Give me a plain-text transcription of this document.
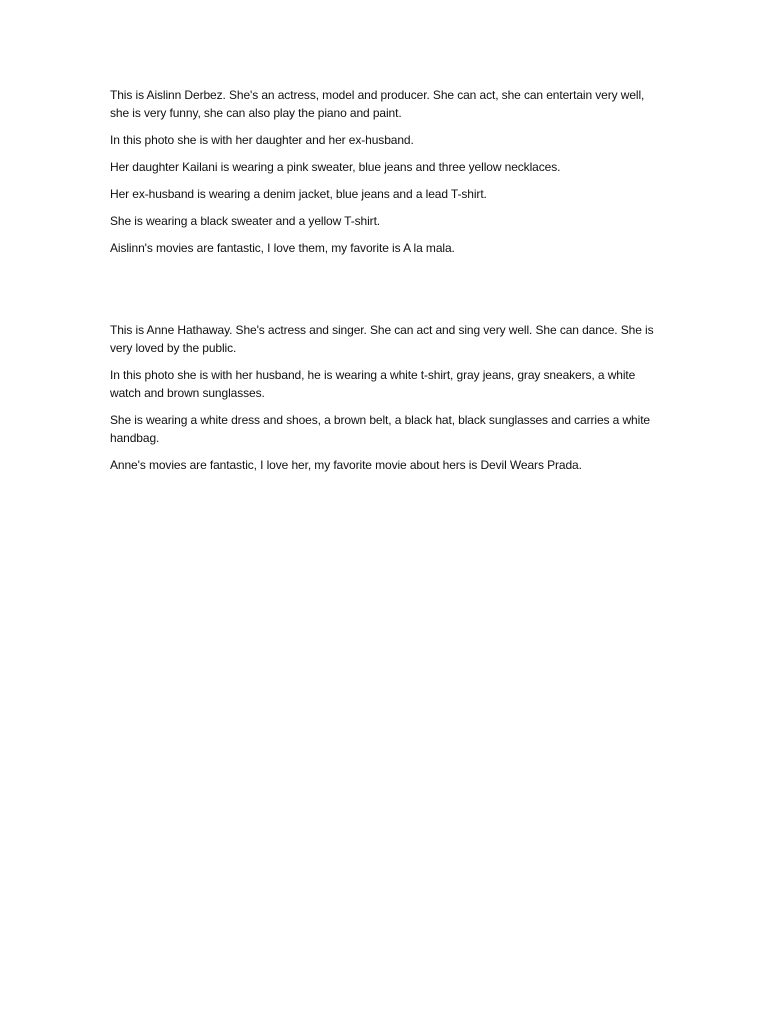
This is Aislinn Derbez. She's an actress, model and producer. She can act, she can entertain very well, she is very funny, she can also play the piano and paint.

In this photo she is with her daughter and her ex-husband.

Her daughter Kailani is wearing a pink sweater, blue jeans and three yellow necklaces.

Her ex-husband is wearing a denim jacket, blue jeans and a lead T-shirt.

She is wearing a black sweater and a yellow T-shirt.

Aislinn's movies are fantastic, I love them, my favorite is A la mala.

This is Anne Hathaway. She's actress and singer. She can act and sing very well. She can dance. She is very loved by the public.

In this photo she is with her husband, he is wearing a white t-shirt, gray jeans, gray sneakers, a white watch and brown sunglasses.

She is wearing a white dress and shoes, a brown belt, a black hat, black sunglasses and carries a white handbag.

Anne's movies are fantastic, I love her, my favorite movie about hers is Devil Wears Prada.
